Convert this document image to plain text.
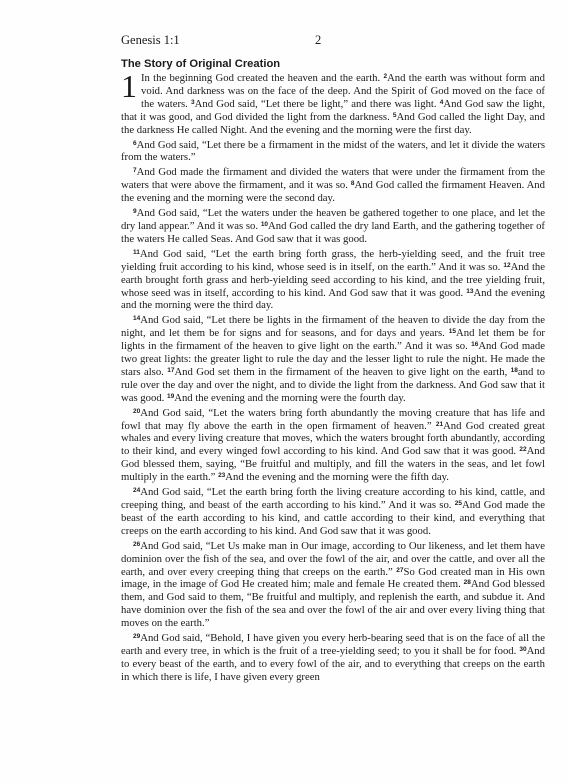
Genesis 1:1	2
The Story of Original Creation

1 In the beginning God created the heaven and the earth. $^2$And the earth was without form and void. And darkness was on the face of the deep. And the Spirit of God moved on the face of the waters. $^3$And God said, “Let there be light,” and there was light. $^4$And God saw the light, that it was good, and God divided the light from the darkness. $^5$And God called the light Day, and the darkness He called Night. And the evening and the morning were the first day.

$^6$And God said, “Let there be a firmament in the midst of the waters, and let it divide the waters from the waters.”

$^7$And God made the firmament and divided the waters that were under the firmament from the waters that were above the firmament, and it was so. $^8$And God called the firmament Heaven. And the evening and the morning were the second day.

$^9$And God said, “Let the waters under the heaven be gathered together to one place, and let the dry land appear.” And it was so. $^{10}$And God called the dry land Earth, and the gathering together of the waters He called Seas. And God saw that it was good.

$^{11}$And God said, “Let the earth bring forth grass, the herb-yielding seed, and the fruit tree yielding fruit according to his kind, whose seed is in itself, on the earth.” And it was so. $^{12}$And the earth brought forth grass and herb-yielding seed according to his kind, and the tree yielding fruit, whose seed was in itself, according to his kind. And God saw that it was good. $^{13}$And the evening and the morning were the third day.

$^{14}$And God said, “Let there be lights in the firmament of the heaven to divide the day from the night, and let them be for signs and for seasons, and for days and years. $^{15}$And let them be for lights in the firmament of the heaven to give light on the earth.” And it was so. $^{16}$And God made two great lights: the greater light to rule the day and the lesser light to rule the night. He made the stars also. $^{17}$And God set them in the firmament of the heaven to give light on the earth, $^{18}$and to rule over the day and over the night, and to divide the light from the darkness. And God saw that it was good. $^{19}$And the evening and the morning were the fourth day.

$^{20}$And God said, “Let the waters bring forth abundantly the moving creature that has life and fowl that may fly above the earth in the open firmament of heaven.” $^{21}$And God created great whales and every living creature that moves, which the waters brought forth abundantly, according to their kind, and every winged fowl according to his kind. And God saw that it was good. $^{22}$And God blessed them, saying, “Be fruitful and multiply, and fill the waters in the seas, and let fowl multiply in the earth.” $^{23}$And the evening and the morning were the fifth day.

$^{24}$And God said, “Let the earth bring forth the living creature according to his kind, cattle, and creeping thing, and beast of the earth according to his kind.” And it was so. $^{25}$And God made the beast of the earth according to his kind, and cattle according to their kind, and everything that creeps on the earth according to his kind. And God saw that it was good.

$^{26}$And God said, “Let Us make man in Our image, according to Our likeness, and let them have dominion over the fish of the sea, and over the fowl of the air, and over the cattle, and over all the earth, and over every creeping thing that creeps on the earth.” $^{27}$So God created man in His own image, in the image of God He created him; male and female He created them. $^{28}$And God blessed them, and God said to them, “Be fruitful and multiply, and replenish the earth, and subdue it. And have dominion over the fish of the sea and over the fowl of the air and over every living thing that moves on the earth.”

$^{29}$And God said, “Behold, I have given you every herb-bearing seed that is on the face of all the earth and every tree, in which is the fruit of a tree-yielding seed; to you it shall be for food. $^{30}$And to every beast of the earth, and to every fowl of the air, and to everything that creeps on the earth in which there is life, I have given every green
